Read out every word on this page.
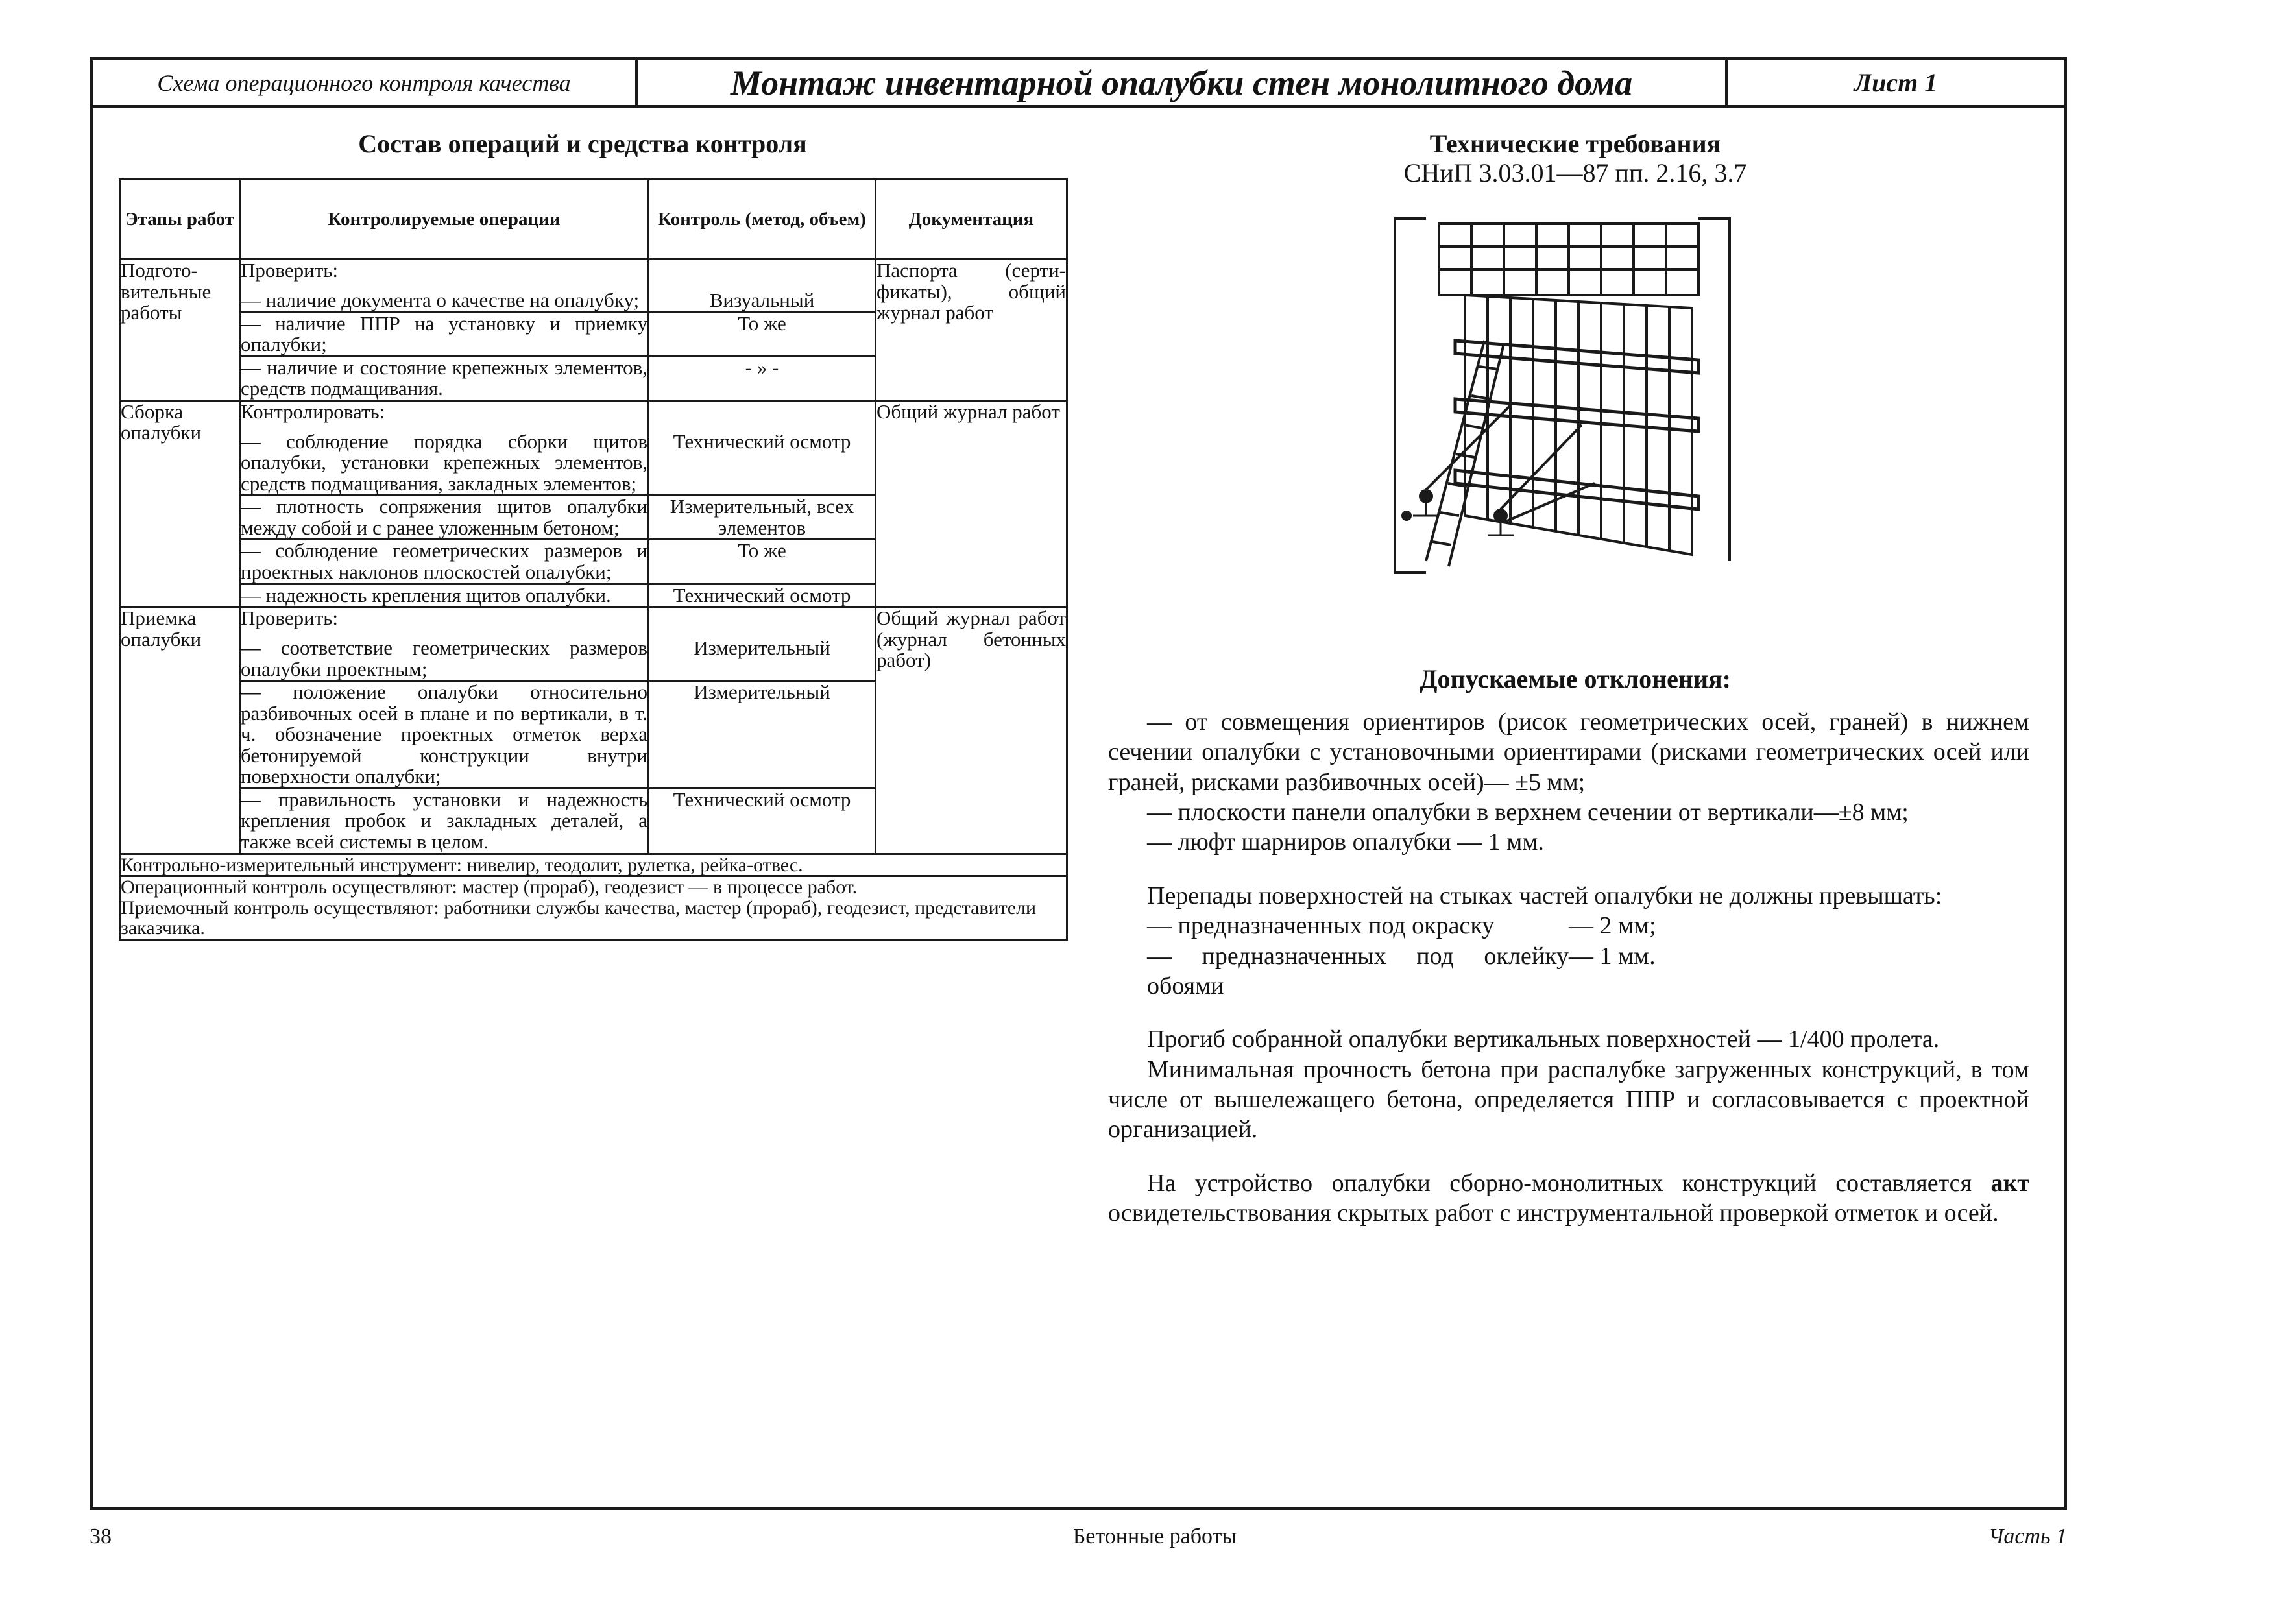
Схема операционного контроля качества	Монтаж инвентарной опалубки стен монолитного дома	Лист 1
Состав операций и средства контроля
Этапы работ	Контролируемые операции	Контроль (метод, объем)	Документация
Подгото-вительные работы	Проверить:		Паспорта (серти-фикаты), общий журнал работ
	— наличие документа о качестве на опалубку;	Визуальный	
	— наличие ППР на установку и приемку опалубки;	То же	
	— наличие и состояние крепежных элементов, средств подмащивания.	- » -	
Сборка опалубки	Контролировать:		Общий журнал работ
	— соблюдение порядка сборки щитов опалубки, установки крепежных элементов, средств подмащивания, закладных элементов;	Технический осмотр	
	— плотность сопряжения щитов опалубки между собой и с ранее уложенным бетоном;	Измерительный, всех элементов	
	— соблюдение геометрических размеров и проектных наклонов плоскостей опалубки;	То же	
	— надежность крепления щитов опалубки.	Технический осмотр	
Приемка опалубки	Проверить:		Общий журнал работ (журнал бетонных работ)
	— соответствие геометрических размеров опалубки проектным;	Измерительный	
	— положение опалубки относительно разбивочных осей в плане и по вертикали, в т. ч. обозначение проектных отметок верха бетонируемой конструкции внутри поверхности опалубки;	Измерительный	
	— правильность установки и надежность крепления пробок и закладных деталей, а также всей системы в целом.	Технический осмотр	
Контрольно-измерительный инструмент: нивелир, теодолит, рулетка, рейка-отвес.			

Операционный контроль осуществляют: мастер (прораб), геодезист — в процессе работ.
Приемочный контроль осуществляют: работники службы качества, мастер (прораб), геодезист, представители заказчика.			
Технические требования
СНиП 3.03.01—87 пп. 2.16, 3.7
Допускаемые отклонения:

— от совмещения ориентиров (рисок геометрических осей, граней) в нижнем сечении опалубки с установочными ориентирами (рисками геометрических осей или граней, рисками разбивочных осей)— ±5 мм;

— плоскости панели опалубки в верхнем сечении от вертикали—±8 мм;

— люфт шарниров опалубки — 1 мм.

Перепады поверхностей на стыках частей опалубки не должны превышать:

— предназначенных под окраску	— 2 мм;
— предназначенных под оклейку обоями
— 1 мм.

Прогиб собранной опалубки вертикальных поверхностей — 1/400 пролета.

Минимальная прочность бетона при распалубке загруженных конструкций, в том числе от вышележащего бетона, определяется ППР и согласовывается с проектной организацией.

На устройство опалубки сборно-монолитных конструкций составляется акт освидетельствования скрытых работ с инструментальной проверкой отметок и осей.

38	Бетонные работы	Часть 1
